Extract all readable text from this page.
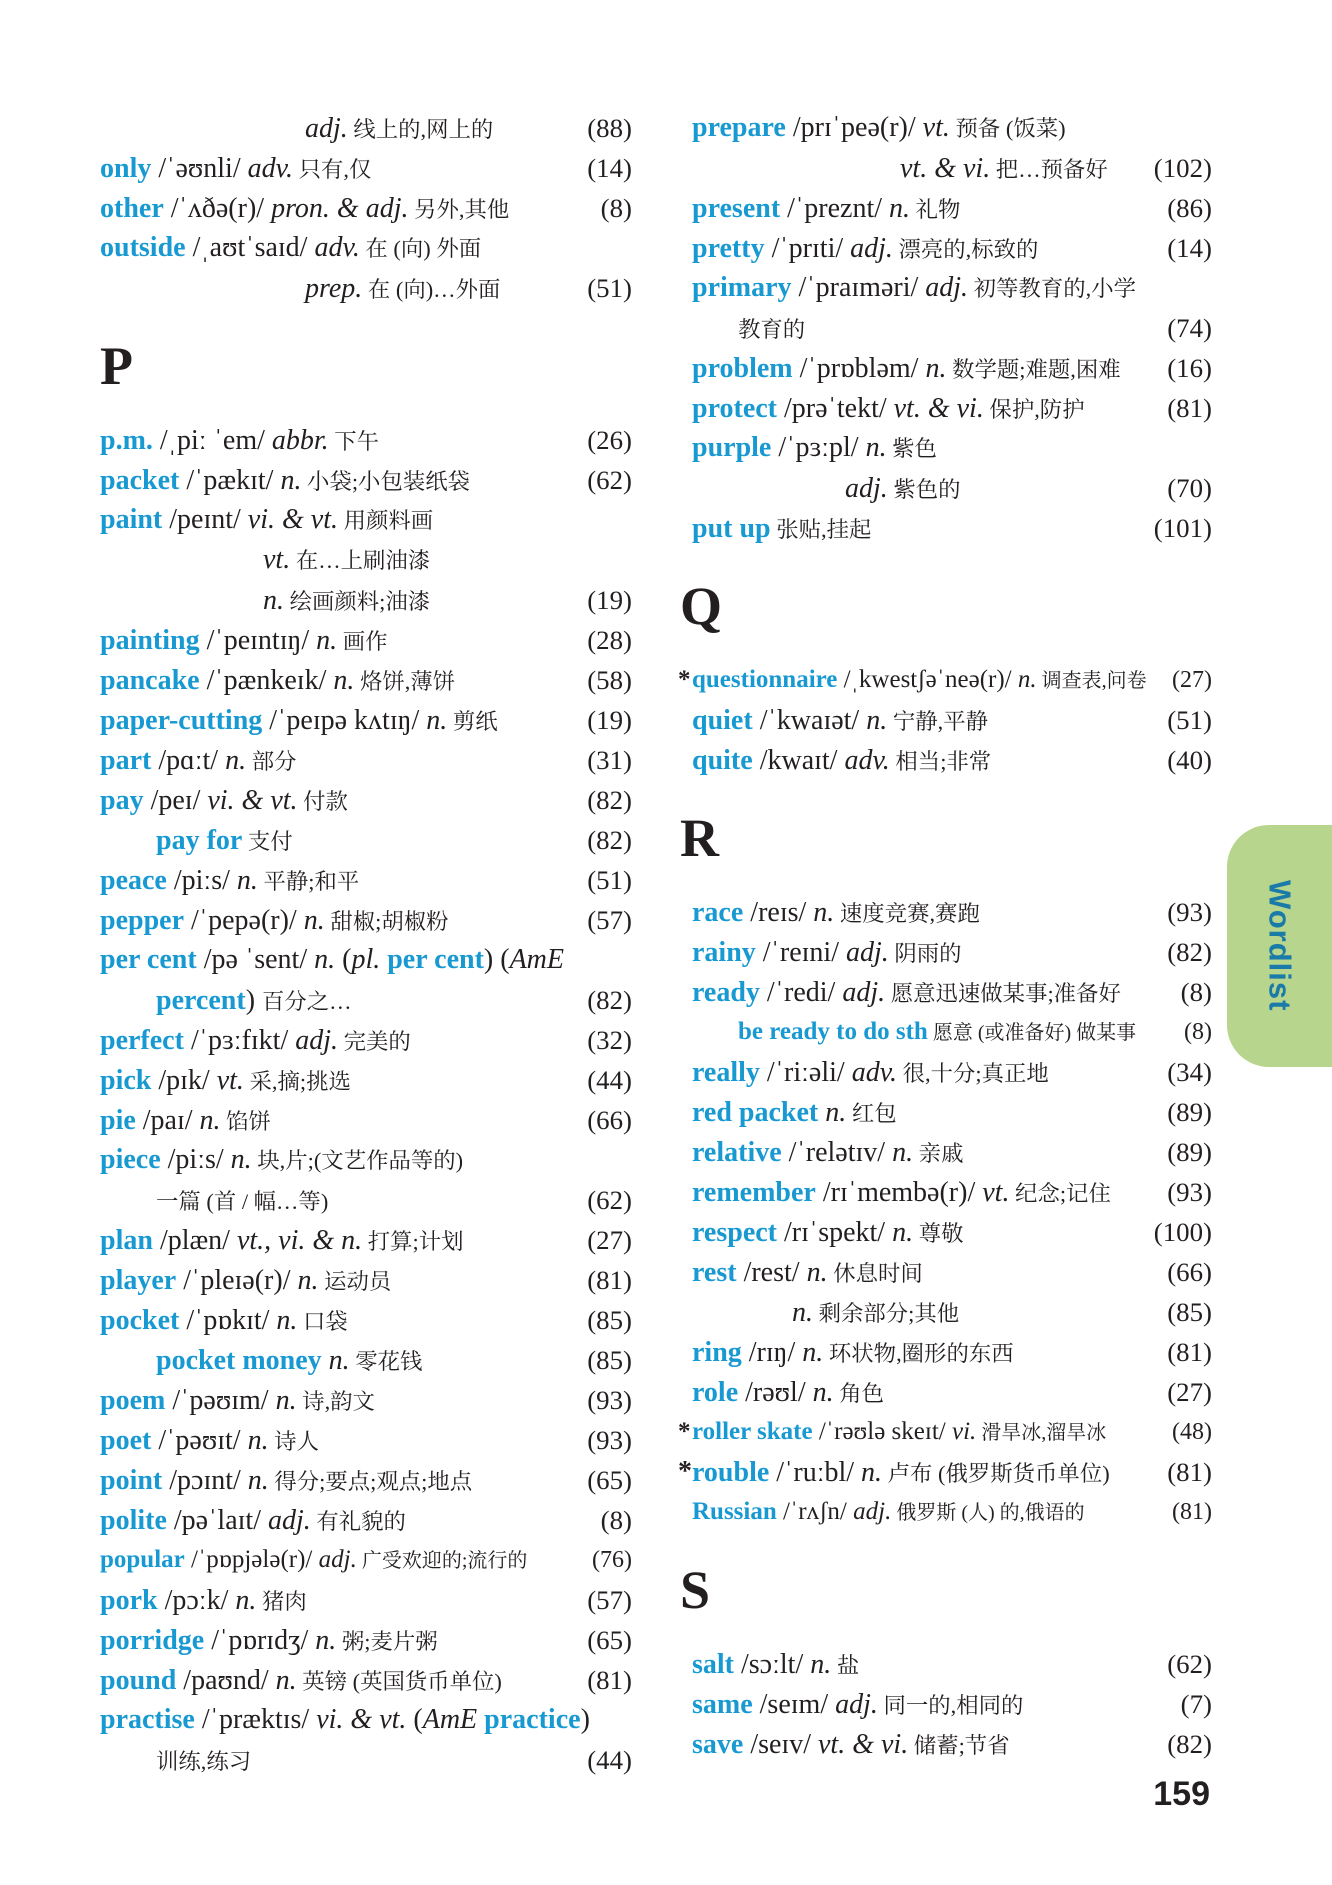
adj. 线上的,网上的	(88)
only /ˈəʊnli/ adv. 只有,仅	(14)
other /ˈʌðə(r)/ pron. & adj. 另外,其他	(8)
outside /ˌaʊtˈsaɪd/ adv. 在 (向) 外面
prep. 在 (向)…外面	(51)
P
p.m. /ˌpiː ˈem/ abbr. 下午	(26)
packet /ˈpækɪt/ n. 小袋;小包装纸袋	(62)
paint /peɪnt/ vi. & vt. 用颜料画
vt. 在…上刷油漆
n. 绘画颜料;油漆	(19)
painting /ˈpeɪntɪŋ/ n. 画作	(28)
pancake /ˈpænkeɪk/ n. 烙饼,薄饼	(58)
paper-cutting /ˈpeɪpə kʌtɪŋ/ n. 剪纸	(19)
part /pɑːt/ n. 部分	(31)
pay /peɪ/ vi. & vt. 付款	(82)
pay for 支付	(82)
peace /piːs/ n. 平静;和平	(51)
pepper /ˈpepə(r)/ n. 甜椒;胡椒粉	(57)
per cent /pə ˈsent/ n. (pl. per cent) (AmE
percent) 百分之…	(82)
perfect /ˈpɜːfɪkt/ adj. 完美的	(32)
pick /pɪk/ vt. 采,摘;挑选	(44)
pie /paɪ/ n. 馅饼	(66)
piece /piːs/ n. 块,片;(文艺作品等的)
一篇 (首 / 幅…等)	(62)
plan /plæn/ vt., vi. & n. 打算;计划	(27)
player /ˈpleɪə(r)/ n. 运动员	(81)
pocket /ˈpɒkɪt/ n. 口袋	(85)
pocket money n. 零花钱	(85)
poem /ˈpəʊɪm/ n. 诗,韵文	(93)
poet /ˈpəʊɪt/ n. 诗人	(93)
point /pɔɪnt/ n. 得分;要点;观点;地点	(65)
polite /pəˈlaɪt/ adj. 有礼貌的	(8)
popular /ˈpɒpjələ(r)/ adj. 广受欢迎的;流行的	(76)
pork /pɔːk/ n. 猪肉	(57)
porridge /ˈpɒrɪdʒ/ n. 粥;麦片粥	(65)
pound /paʊnd/ n. 英镑 (英国货币单位)	(81)
practise /ˈpræktɪs/ vi. & vt. (AmE practice)
训练,练习	(44)
prepare /prɪˈpeə(r)/ vt. 预备 (饭菜)
vt. & vi. 把…预备好 (102)
present /ˈpreznt/ n. 礼物	(86)
pretty /ˈprɪti/ adj. 漂亮的,标致的	(14)
primary /ˈpraɪməri/ adj. 初等教育的,小学
教育的	(74)
problem /ˈprɒbləm/ n. 数学题;难题,困难 (16)
protect /prəˈtekt/ vt. & vi. 保护,防护	(81)
purple /ˈpɜːpl/ n. 紫色
adj. 紫色的	(70)
put up 张贴,挂起	(101)
Q
* questionnaire /ˌkwestʃəˈneə(r)/ n. 调查表,问卷 (27)
quiet /ˈkwaɪət/ n. 宁静,平静	(51)
quite /kwaɪt/ adv. 相当;非常	(40)
R
race /reɪs/ n. 速度竞赛,赛跑	(93)
rainy /ˈreɪni/ adj. 阴雨的	(82)
ready /ˈredi/ adj. 愿意迅速做某事;准备好 (8)
be ready to do sth 愿意 (或准备好) 做某事 (8)
really /ˈriːəli/ adv. 很,十分;真正地	(34)
red packet n. 红包	(89)
relative /ˈrelətɪv/ n. 亲戚	(89)
remember /rɪˈmembə(r)/ vt. 纪念;记住 (93)
respect /rɪˈspekt/ n. 尊敬	(100)
rest /rest/ n. 休息时间	(66)
n. 剩余部分;其他	(85)
ring /rɪŋ/ n. 环状物,圈形的东西	(81)
role /rəʊl/ n. 角色	(27)
* roller skate /ˈrəʊlə skeɪt/ vi. 滑旱冰,溜旱冰	(48)
* rouble /ˈruːbl/ n. 卢布 (俄罗斯货币单位) (81)
Russian /ˈrʌʃn/ adj. 俄罗斯 (人) 的,俄语的	(81)
S
salt /sɔːlt/ n. 盐	(62)
same /seɪm/ adj. 同一的,相同的	(7)
save /seɪv/ vt. & vi. 储蓄;节省	(82)
Wordlist
159
